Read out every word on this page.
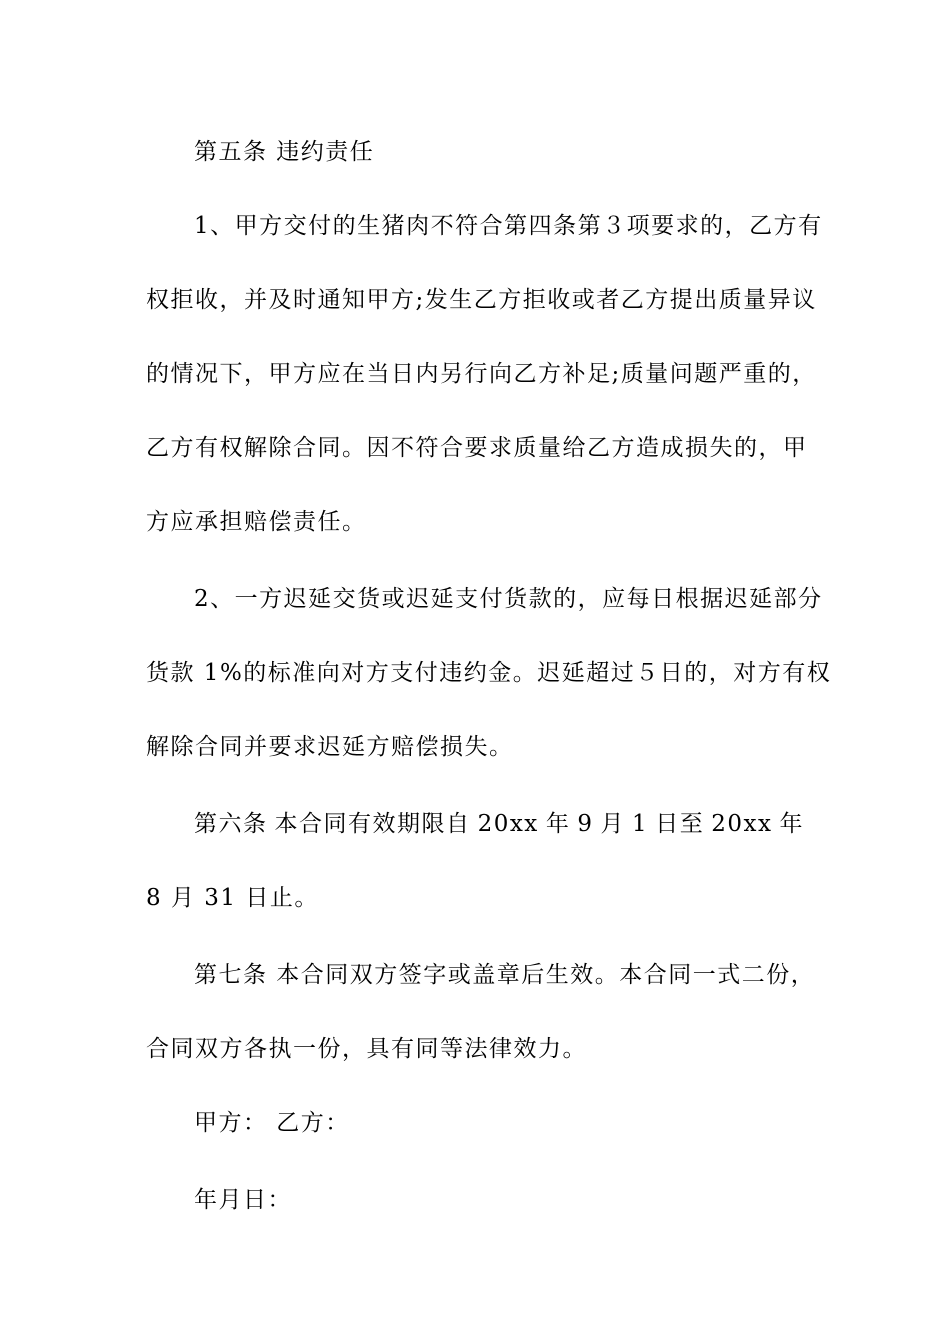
第五条 违约责任
1、甲方交付的生猪肉不符合第四条第３项要求的，乙方有
权拒收，并及时通知甲方;发生乙方拒收或者乙方提出质量异议
的情况下，甲方应在当日内另行向乙方补足;质量问题严重的，
乙方有权解除合同。因不符合要求质量给乙方造成损失的，甲
方应承担赔偿责任。
2、一方迟延交货或迟延支付货款的，应每日根据迟延部分
货款 1%的标准向对方支付违约金。迟延超过５日的，对方有权
解除合同并要求迟延方赔偿损失。
第六条 本合同有效期限自 20xx 年 9 月 1 日至 20xx 年
8 月 31 日止。
第七条 本合同双方签字或盖章后生效。本合同一式二份，
合同双方各执一份，具有同等法律效力。
甲方： 乙方：
年月日：
